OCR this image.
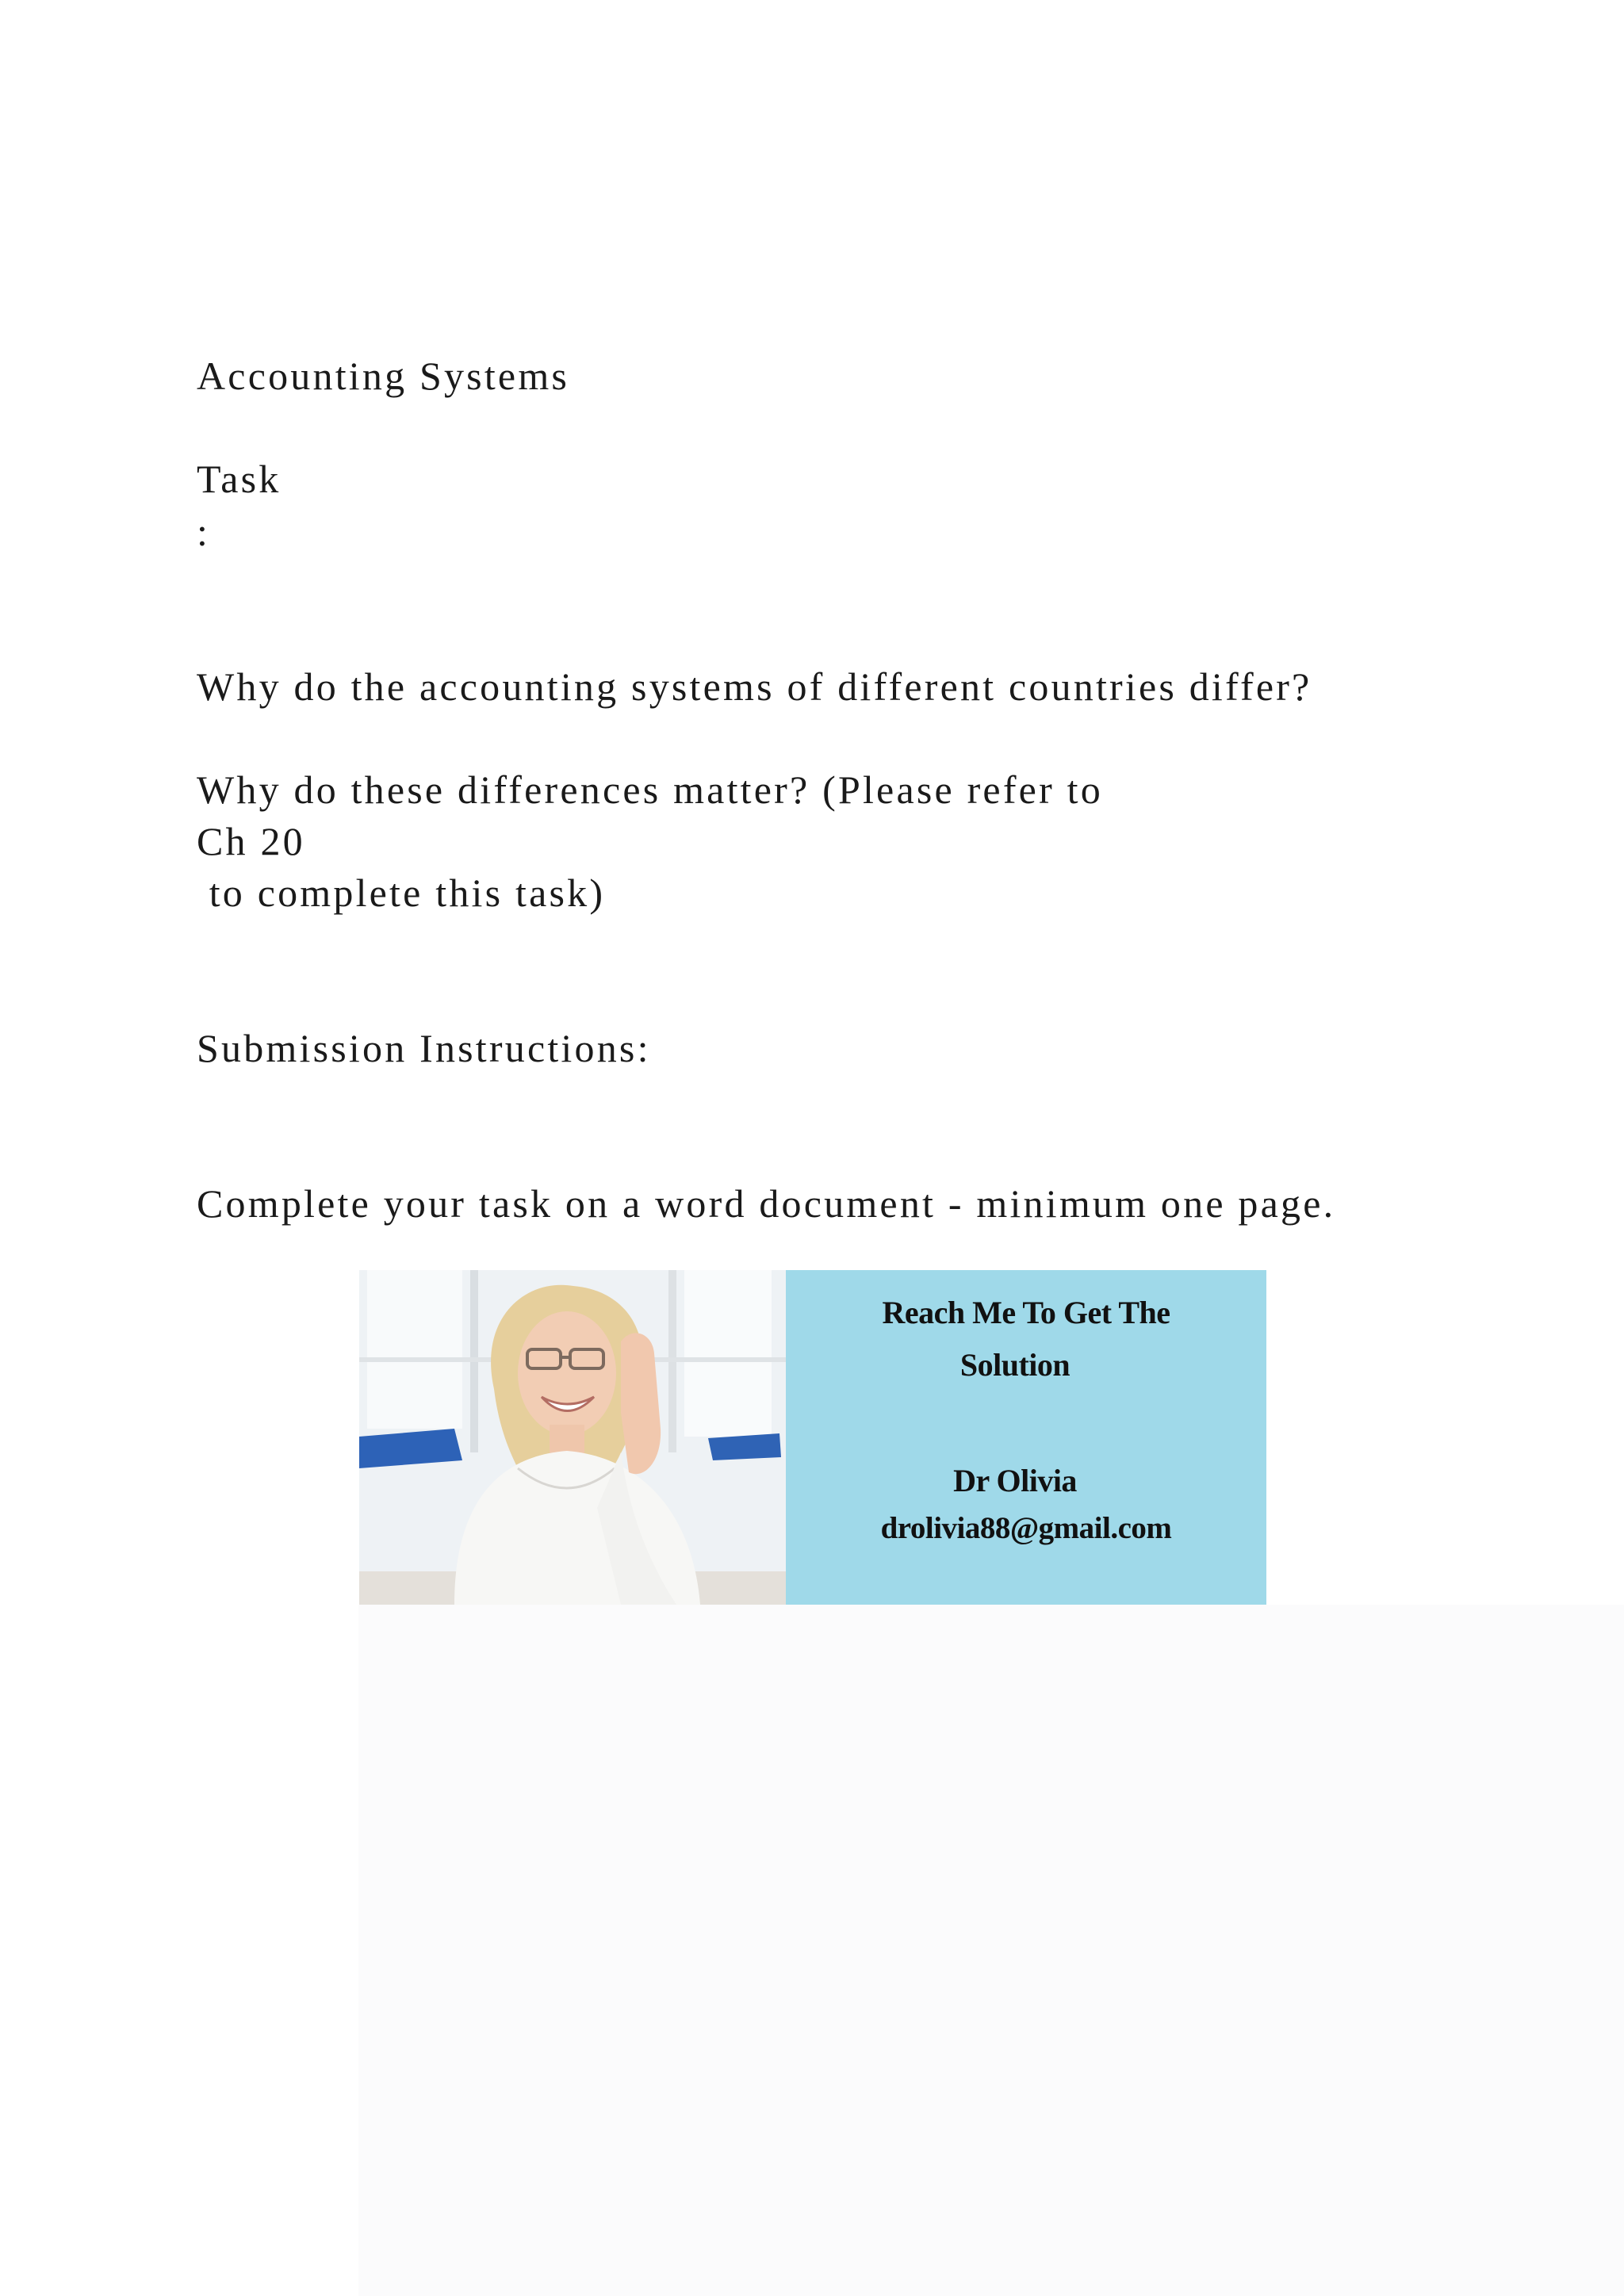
Accounting Systems
Task
:
Why do the accounting systems of different countries differ?
Why do these differences matter? (Please refer to
Ch 20
to complete this task)
Submission Instructions:
Complete your task on a word document - minimum one page.
Reach Me To Get The
Solution
Dr Olivia
drolivia88@gmail.com
